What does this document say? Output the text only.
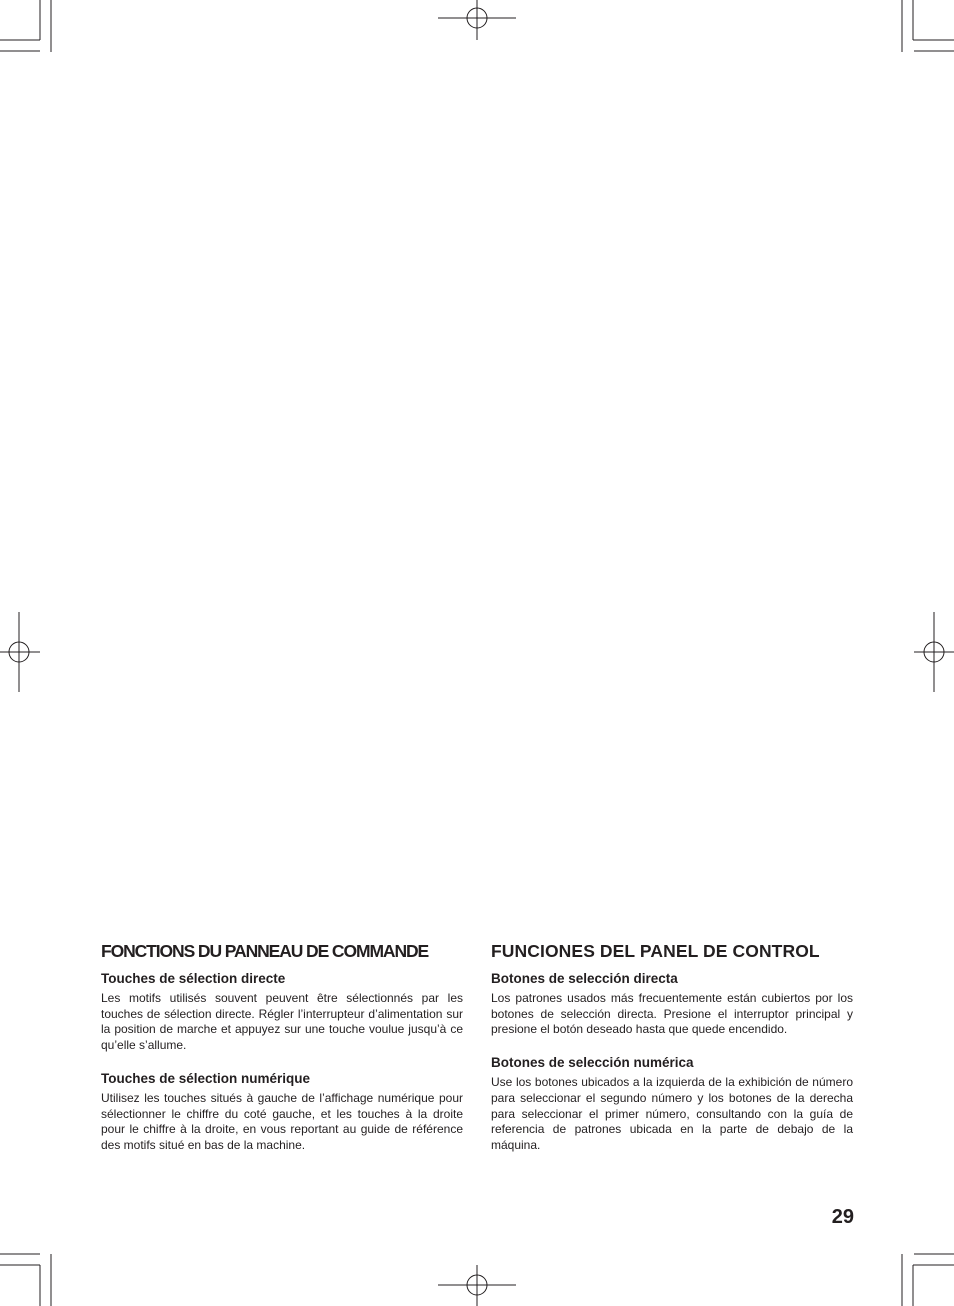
FONCTIONS DU PANNEAU DE COMMANDE
Touches de sélection directe

Les motifs utilisés souvent peuvent être sélectionnés par les touches de sélection directe. Régler l’interrupteur d’alimentation sur la position de marche et appuyez sur une touche voulue jusqu’à ce qu’elle s’allume.

Touches de sélection numérique

Utilisez les touches situés à gauche de l’affichage numérique pour sélectionner le chiffre du coté gauche, et les touches à la droite pour le chiffre à la droite, en vous reportant au guide de référence des motifs situé en bas de la machine.

FUNCIONES DEL PANEL DE CONTROL
Botones de selección directa

Los patrones usados más frecuentemente están cubiertos por los botones de selección directa. Presione el interruptor principal y presione el botón deseado hasta que quede encendido.

Botones de selección numérica

Use los botones ubicados a la izquierda de la exhibición de número para seleccionar el segundo número y los botones de la derecha para seleccionar el primer número, consultando con la guía de referencia de patrones ubicada en la parte de debajo de la máquina.

29
